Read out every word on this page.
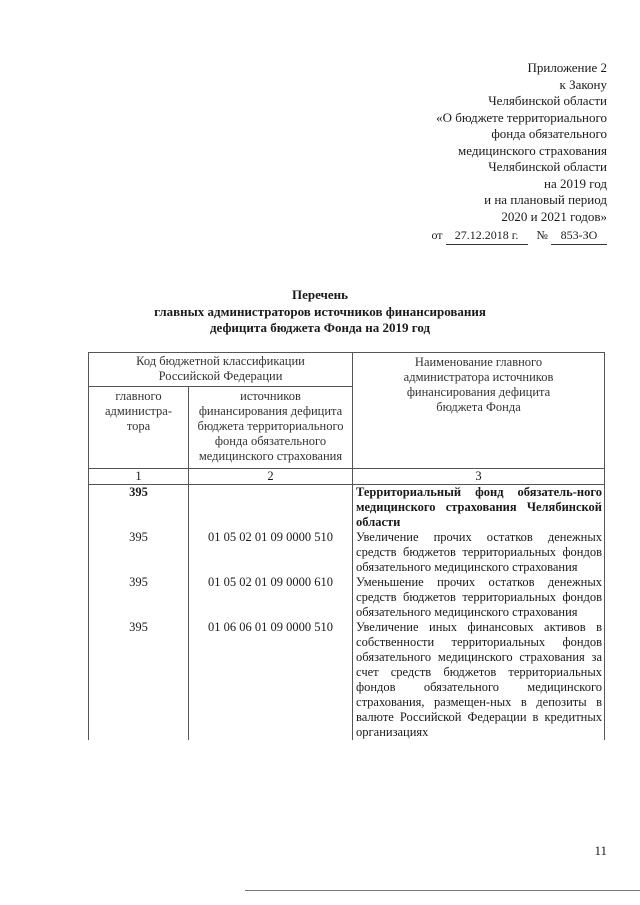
Приложение 2
к Закону
Челябинской области
«О бюджете территориального
фонда обязательного
медицинского страхования
Челябинской области
на 2019 год
и на плановый период
2020 и 2021 годов»
от 27.12.2018 г. № 853-ЗО
Перечень
главных администраторов источников финансирования
дефицита бюджета Фонда на 2019 год
Код бюджетной классификации Российской Федерации		Наименование главного администратора источников финансирования дефицита бюджета Фонда
главного администра-тора	источников финансирования дефицита бюджета территориального фонда обязательного медицинского страхования	
1	2	3
395		Территориальный фонд обязатель-ного медицинского страхования Челябинской области
395	01 05 02 01 09 0000 510	Увеличение прочих остатков денежных средств бюджетов территориальных фондов обязательного медицинского страхования
395	01 05 02 01 09 0000 610	Уменьшение прочих остатков денежных средств бюджетов территориальных фондов обязательного медицинского страхования
395	01 06 06 01 09 0000 510	Увеличение иных финансовых активов в собственности территориальных фондов обязательного медицинского страхования за счет средств бюджетов территориальных фондов обязательного медицинского страхования, размещен-ных в депозиты в валюте Российской Федерации в кредитных организациях
11
